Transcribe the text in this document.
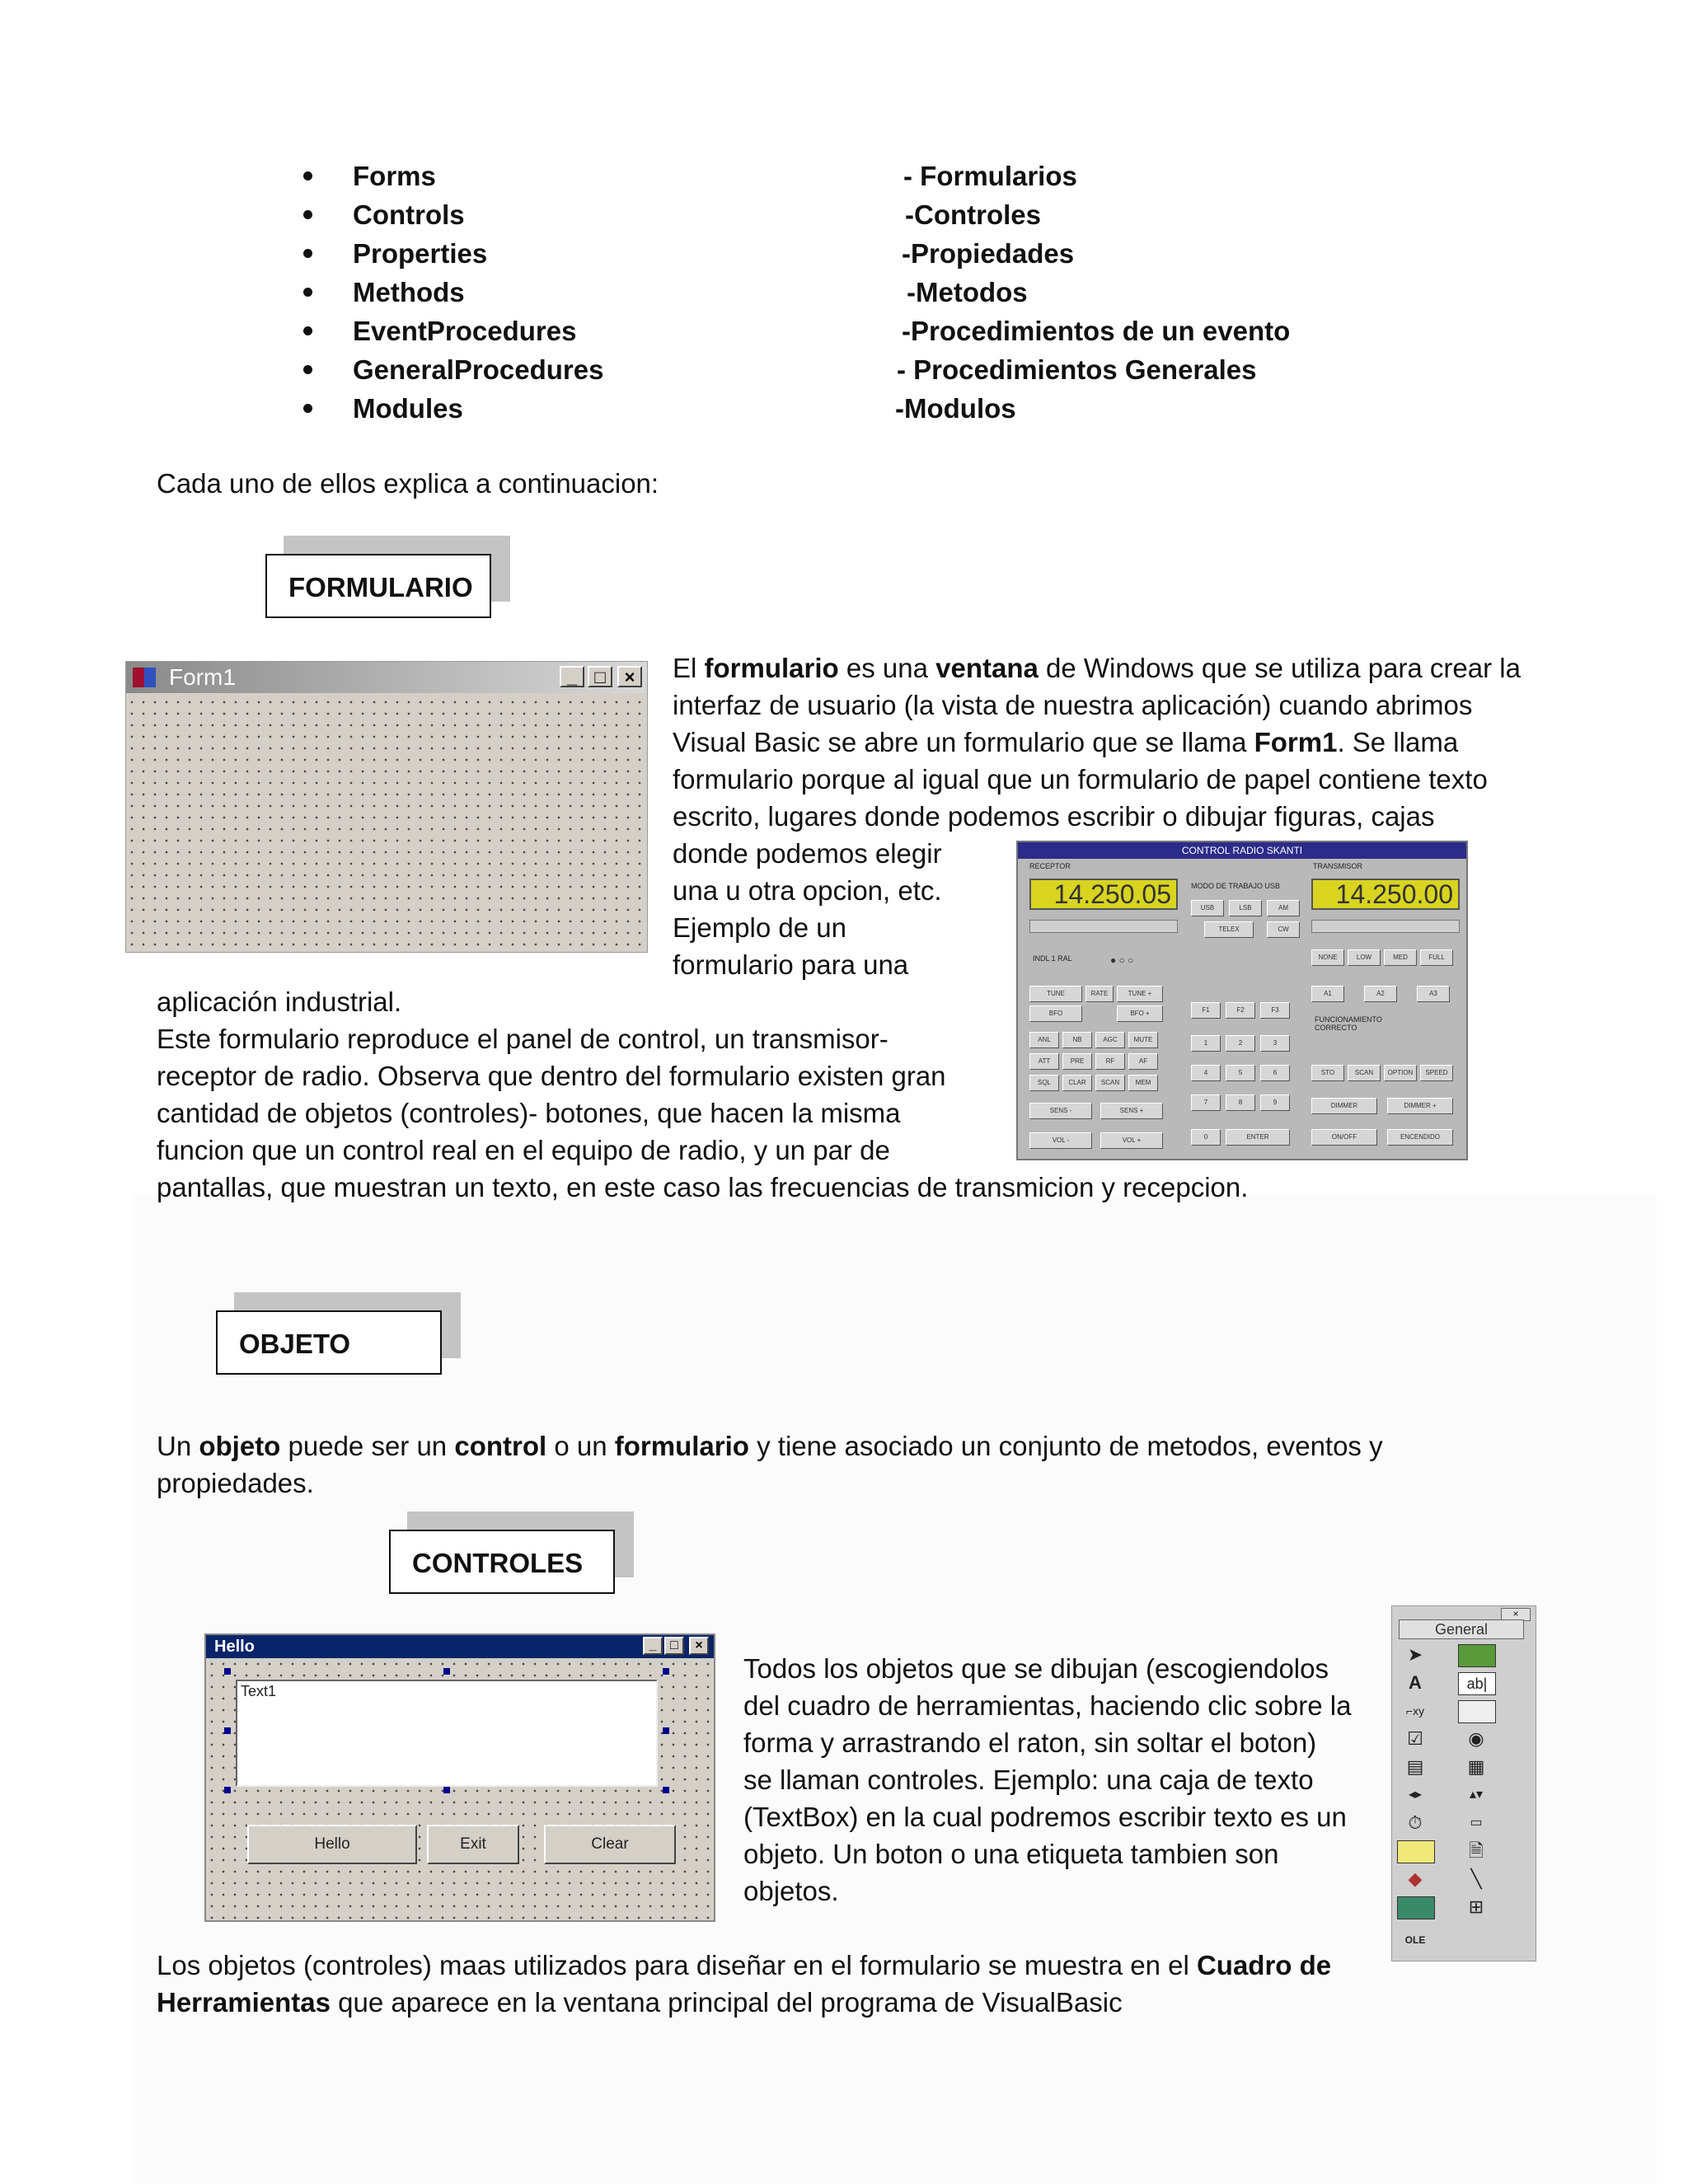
Forms
Controls
Properties
Methods
EventProcedures
GeneralProcedures
Modules
- Formularios
-Controles
-Propiedades
-Metodos
-Procedimientos de un evento
- Procedimientos Generales
-Modulos
Cada uno de ellos explica a continuacion:
FORMULARIO
Form1	_ □	× El formulario es una ventana de Windows que se utiliza para crear la
interfaz de usuario (la vista de nuestra aplicación) cuando abrimos
Visual Basic se abre un formulario que se llama Form1. Se llama
formulario porque al igual que un formulario de papel contiene texto
escrito, lugares donde podemos escribir o dibujar figuras, cajas
donde podemos elegir
una u otra opcion, etc.
Ejemplo de un
formulario para una
aplicación industrial.
Este formulario reproduce el panel de control, un transmisor-
receptor de radio. Observa que dentro del formulario existen gran
cantidad de objetos (controles)- botones, que hacen la misma
funcion que un control real en el equipo de radio, y un par de
pantallas, que muestran un texto, en este caso las frecuencias de transmicion y recepcion.
CONTROL RADIO SKANTI
RECEPTOR
MODO DE TRABAJO USB
TRANSMISOR
14.250.05	14.250.00
USB	LSB	AM
TELEX	CW
INDL 1 RAL	● ○ ○	NONE	LOW	MED	FULL
TUNE	RATE	TUNE +
BFO	BFO +	F1	F2	F3
A1	A2	A3
FUNCIONAMIENTO CORRECTO
ANL	NB	AGC	MUTE
ATT	PRE	RF	AF
SQL	CLAR	SCAN	MEM
SENS -	SENS +
VOL -	VOL +
1	2	3
4	5	6
7	8	9
0	ENTER
STO	SCAN	OPTION	SPEED
DIMMER	DIMMER +
ON/OFF	ENCENDIDO
OBJETO
Un objeto puede ser un control o un formulario y tiene asociado un conjunto de metodos, eventos y
propiedades.
CONTROLES
Hello	_	□	×
Text1
Hello	Exit	Clear
Todos los objetos que se dibujan (escogiendolos
del cuadro de herramientas, haciendo clic sobre la
forma y arrastrando el raton, sin soltar el boton)
se llaman controles. Ejemplo: una caja de texto
(TextBox) en la cual podremos escribir texto es un
objeto. Un boton o una etiqueta tambien son
objetos.
×
General
➤
A	ab|
⌐xy
☑	◉
▤	▦
◂▸	▴▾
⏱	▭
🗎
◆	╲
⊞
OLE
Los objetos (controles) maas utilizados para diseñar en el formulario se muestra en el Cuadro de
Herramientas que aparece en la ventana principal del programa de VisualBasic
